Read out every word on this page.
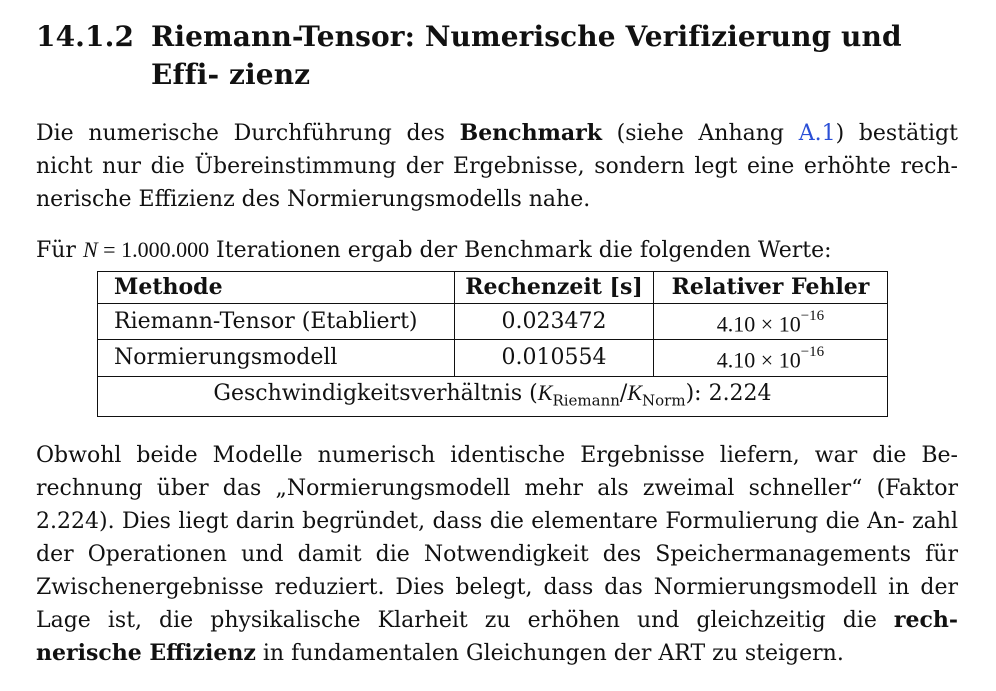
14.1.2 Riemann-Tensor: Numerische Verifizierung und Effi- zienz

Die numerische Durchführung des Benchmark (siehe Anhang A.1) bestätigt nicht nur die Übereinstimmung der Ergebnisse, sondern legt eine erhöhte rech- nerische Effizienz des Normierungsmodells nahe.

Für N = 1.000.000 Iterationen ergab der Benchmark die folgenden Werte:

Methode	Rechenzeit [s]	Relativer Fehler
Riemann-Tensor (Etabliert)	0.023472	$4.10 \times 10^{-16}$
Normierungsmodell	0.010554	$4.10 \times 10^{-16}$
Geschwindigkeitsverhältnis $(K_{Riemann}/K_{Norm})$: 2.224		

Obwohl beide Modelle numerisch identische Ergebnisse liefern, war die Be- rechnung über das „Normierungsmodell mehr als zweimal schneller“ (Faktor 2.224). Dies liegt darin begründet, dass die elementare Formulierung die An- zahl der Operationen und damit die Notwendigkeit des Speichermanagements für Zwischenergebnisse reduziert. Dies belegt, dass das Normierungsmodell in der Lage ist, die physikalische Klarheit zu erhöhen und gleichzeitig die rech- nerische Effizienz in fundamentalen Gleichungen der ART zu steigern.
